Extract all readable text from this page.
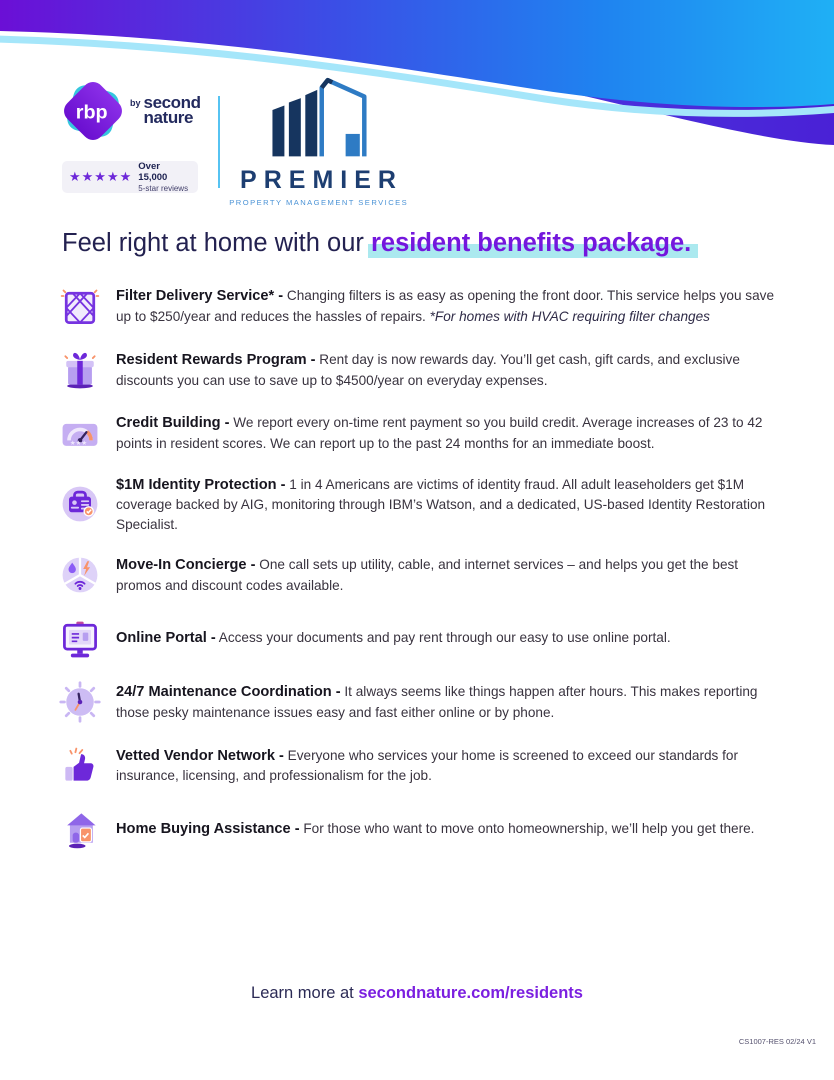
rbp by second
nature
★★★★★
Over 15,000
5-star reviews	PREMIER
PROPERTY MANAGEMENT SERVICES
Feel right at home with our resident benefits package.

Filter Delivery Service* - Changing filters is as easy as opening the front door. This service helps you save up to $250/year and reduces the hassles of repairs. *For homes with HVAC requiring filter changes

Resident Rewards Program - Rent day is now rewards day. You’ll get cash, gift cards, and exclusive discounts you can use to save up to $4500/year on everyday expenses.

★★★

Credit Building - We report every on-time rent payment so you build credit. Average increases of 23 to 42 points in resident scores. We can report up to the past 24 months for an immediate boost.

$1M Identity Protection - 1 in 4 Americans are victims of identity fraud. All adult leaseholders get $1M coverage backed by AIG, monitoring through IBM’s Watson, and a dedicated, US-based Identity Restoration Specialist.

Move-In Concierge - One call sets up utility, cable, and internet services – and helps you get the best promos and discount codes available.

Online Portal - Access your documents and pay rent through our easy to use online portal.

24/7 Maintenance Coordination - It always seems like things happen after hours. This makes reporting those pesky maintenance issues easy and fast either online or by phone.

Vetted Vendor Network - Everyone who services your home is screened to exceed our standards for insurance, licensing, and professionalism for the job.

Home Buying Assistance - For those who want to move onto homeownership, we’ll help you get there.

Learn more at secondnature.com/residents
CS1007-RES 02/24 V1
